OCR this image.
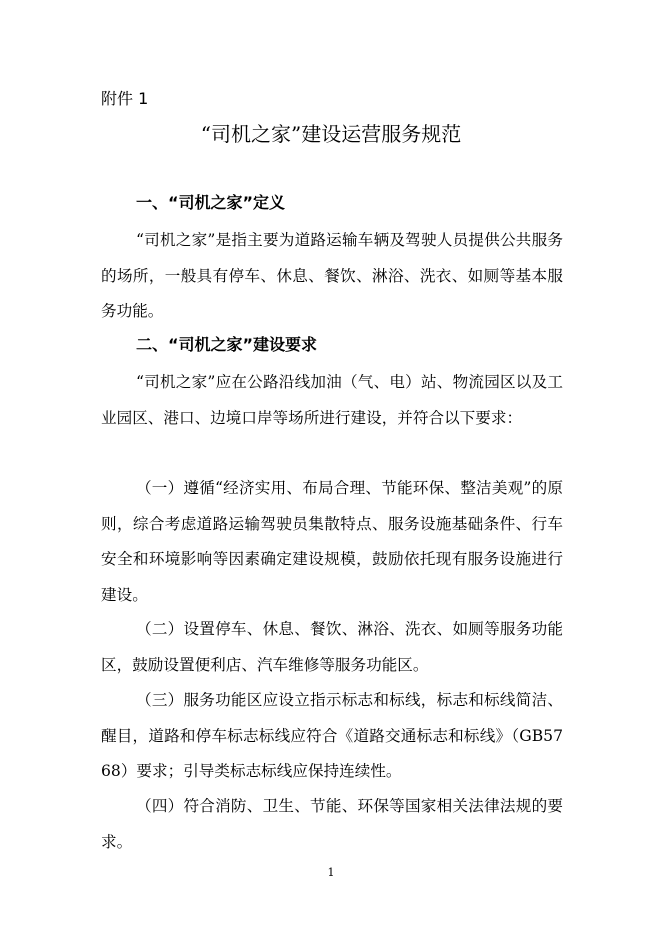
附件 1
“司机之家”建设运营服务规范
一、“司机之家”定义
“司机之家”是指主要为道路运输车辆及驾驶人员提供公共服务的场所，一般具有停车、休息、餐饮、淋浴、洗衣、如厕等基本服务功能。
二、“司机之家”建设要求
“司机之家”应在公路沿线加油（气、电）站、物流园区以及工业园区、港口、边境口岸等场所进行建设，并符合以下要求：
（一）遵循“经济实用、布局合理、节能环保、整洁美观”的原则，综合考虑道路运输驾驶员集散特点、服务设施基础条件、行车安全和环境影响等因素确定建设规模，鼓励依托现有服务设施进行建设。
（二）设置停车、休息、餐饮、淋浴、洗衣、如厕等服务功能区，鼓励设置便利店、汽车维修等服务功能区。
（三）服务功能区应设立指示标志和标线，标志和标线简洁、醒目，道路和停车标志标线应符合《道路交通标志和标线》（GB5768）要求；引导类标志标线应保持连续性。
（四）符合消防、卫生、节能、环保等国家相关法律法规的要求。
1
